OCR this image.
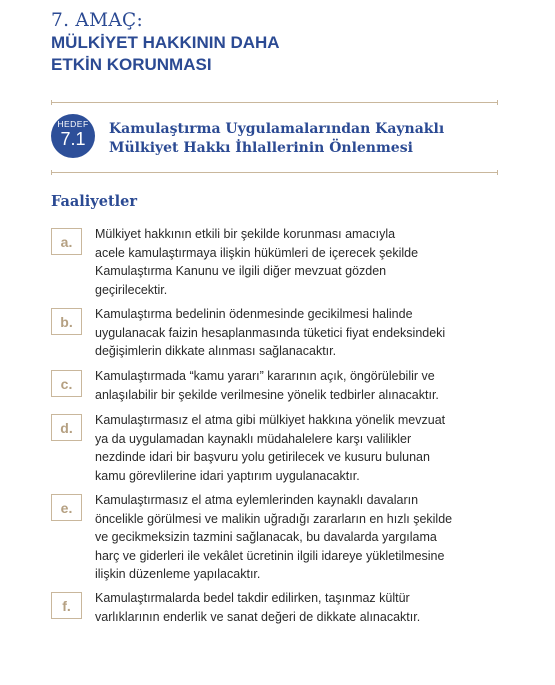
7. AMAÇ:
MÜLKİYET HAKKININ DAHA
ETKİN KORUNMASI
HEDEF
7.1	Kamulaştırma Uygulamalarından Kaynaklı
Mülkiyet Hakkı İhlallerinin Önlenmesi
Faaliyetler
a.	Mülkiyet hakkının etkili bir şekilde korunması amacıyla
acele kamulaştırmaya ilişkin hükümleri de içerecek şekilde
Kamulaştırma Kanunu ve ilgili diğer mevzuat gözden
geçirilecektir.
b.	Kamulaştırma bedelinin ödenmesinde gecikilmesi halinde
uygulanacak faizin hesaplanmasında tüketici fiyat endeksindeki
değişimlerin dikkate alınması sağlanacaktır.
c.	Kamulaştırmada “kamu yararı” kararının açık, öngörülebilir ve
anlaşılabilir bir şekilde verilmesine yönelik tedbirler alınacaktır.
d.	Kamulaştırmasız el atma gibi mülkiyet hakkına yönelik mevzuat
ya da uygulamadan kaynaklı müdahalelere karşı valilikler
nezdinde idari bir başvuru yolu getirilecek ve kusuru bulunan
kamu görevlilerine idari yaptırım uygulanacaktır.
e.	Kamulaştırmasız el atma eylemlerinden kaynaklı davaların
öncelikle görülmesi ve malikin uğradığı zararların en hızlı şekilde
ve gecikmeksizin tazmini sağlanacak, bu davalarda yargılama
harç ve giderleri ile vekâlet ücretinin ilgili idareye yükletilmesine
ilişkin düzenleme yapılacaktır.
f.	Kamulaştırmalarda bedel takdir edilirken, taşınmaz kültür
varlıklarının enderlik ve sanat değeri de dikkate alınacaktır.
